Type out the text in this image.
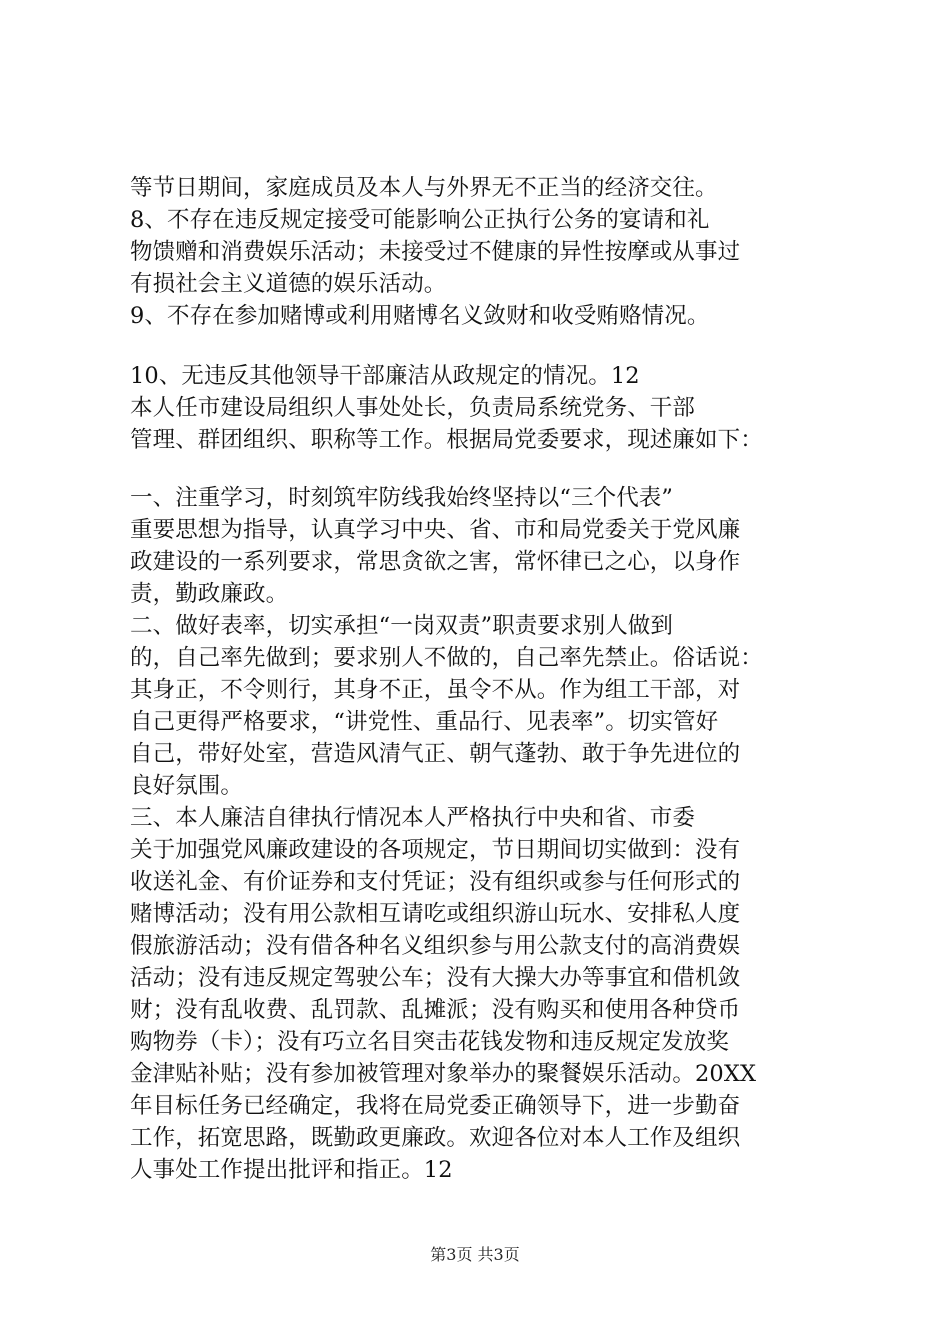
等节日期间，家庭成员及本人与外界无不正当的经济交往。
8、不存在违反规定接受可能影响公正执行公务的宴请和礼
物馈赠和消费娱乐活动；未接受过不健康的异性按摩或从事过
有损社会主义道德的娱乐活动。
9、不存在参加赌博或利用赌博名义敛财和收受贿赂情况。
10、无违反其他领导干部廉洁从政规定的情况。12
本人任市建设局组织人事处处长，负责局系统党务、干部
管理、群团组织、职称等工作。根据局党委要求，现述廉如下：
一、注重学习，时刻筑牢防线我始终坚持以“三个代表”
重要思想为指导，认真学习中央、省、市和局党委关于党风廉
政建设的一系列要求，常思贪欲之害，常怀律已之心，以身作
责，勤政廉政。
二、做好表率，切实承担“一岗双责”职责要求别人做到
的，自己率先做到；要求别人不做的，自己率先禁止。俗话说：
其身正，不令则行，其身不正，虽令不从。作为组工干部，对
自己更得严格要求，“讲党性、重品行、见表率”。切实管好
自己，带好处室，营造风清气正、朝气蓬勃、敢于争先进位的
良好氛围。
三、本人廉洁自律执行情况本人严格执行中央和省、市委
关于加强党风廉政建设的各项规定，节日期间切实做到：没有
收送礼金、有价证券和支付凭证；没有组织或参与任何形式的
赌博活动；没有用公款相互请吃或组织游山玩水、安排私人度
假旅游活动；没有借各种名义组织参与用公款支付的高消费娱
活动；没有违反规定驾驶公车；没有大操大办等事宜和借机敛
财；没有乱收费、乱罚款、乱摊派；没有购买和使用各种贷币
购物券（卡）；没有巧立名目突击花钱发物和违反规定发放奖
金津贴补贴；没有参加被管理对象举办的聚餐娱乐活动。20XX
年目标任务已经确定，我将在局党委正确领导下，进一步勤奋
工作，拓宽思路，既勤政更廉政。欢迎各位对本人工作及组织
人事处工作提出批评和指正。12
第3页 共3页
